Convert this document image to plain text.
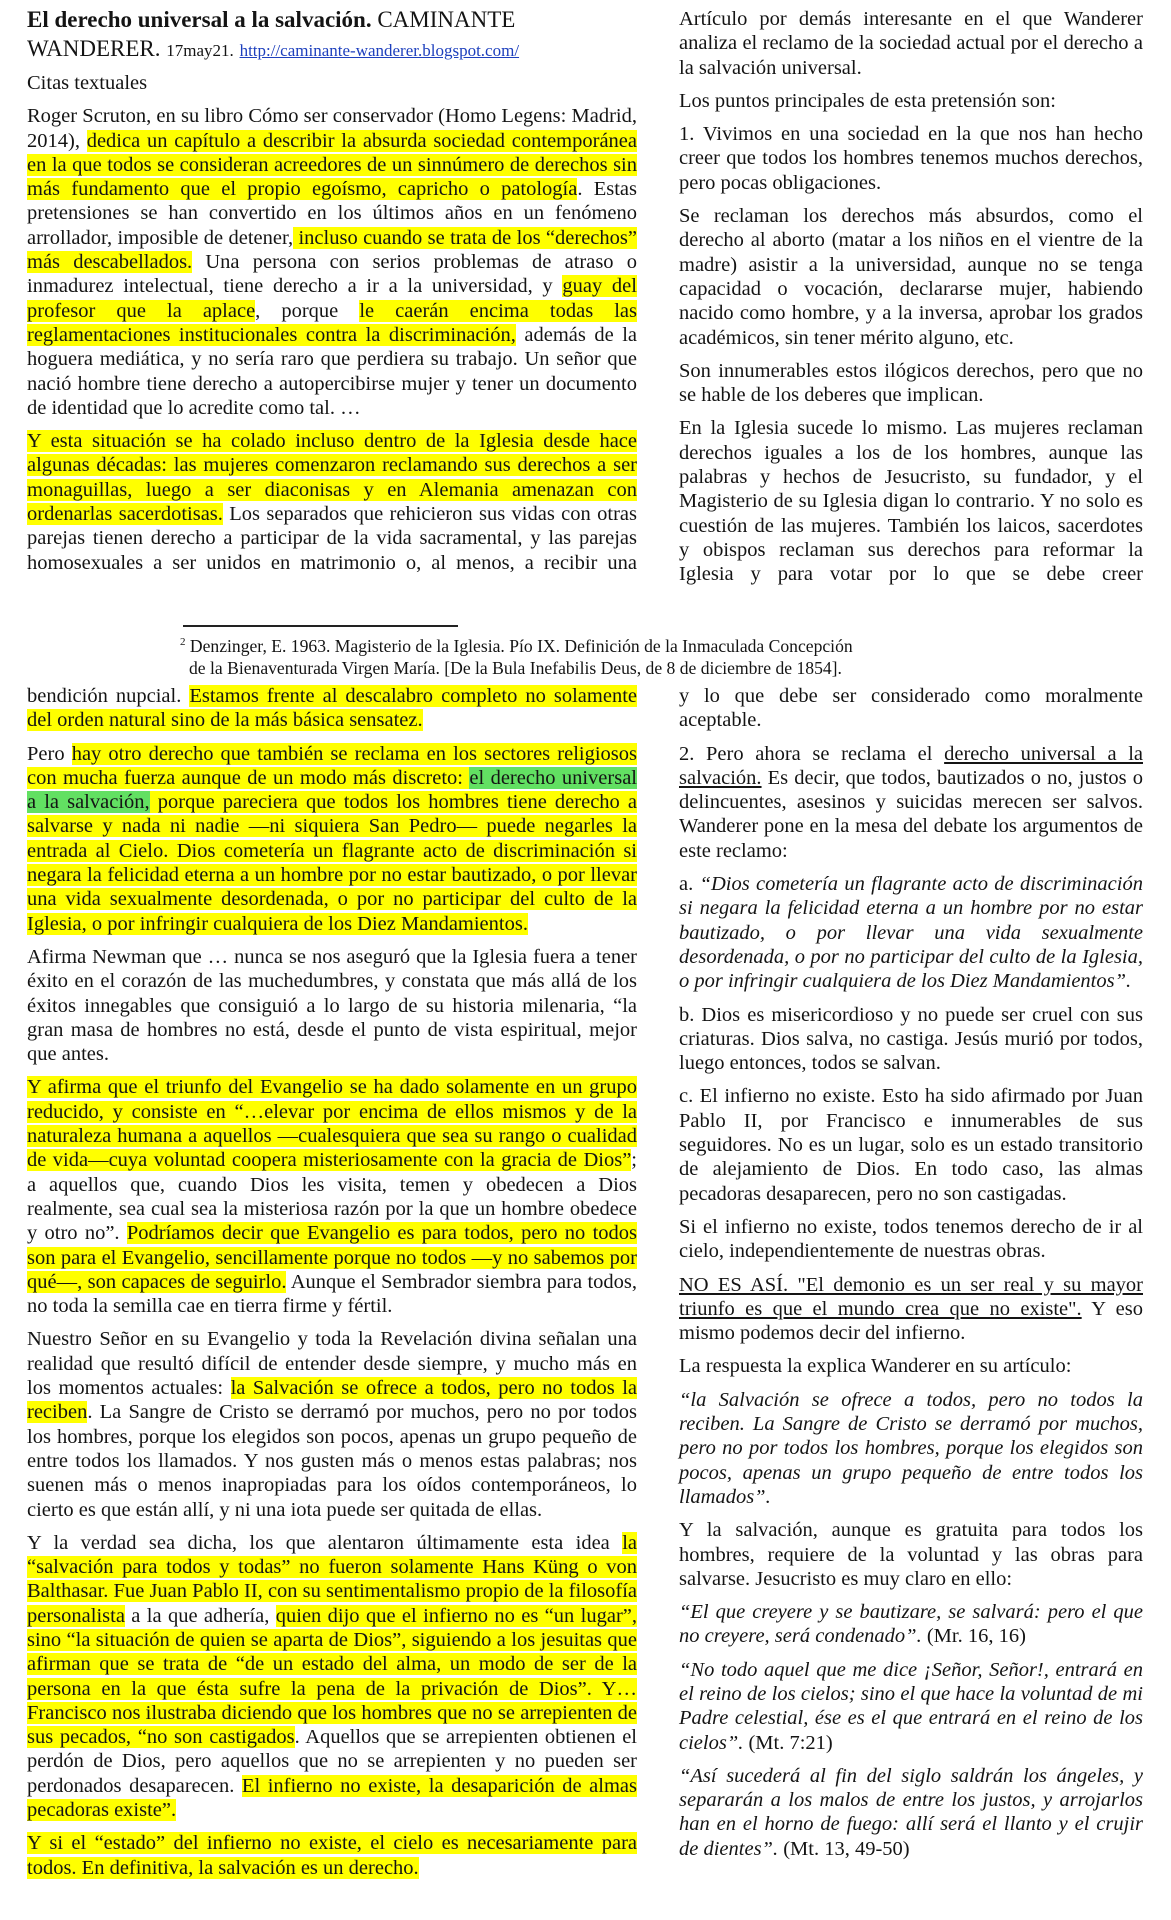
El derecho universal a la salvación. CAMINANTE WANDERER. 17may21. http://caminante-wanderer.blogspot.com/

Citas textuales

Roger Scruton, en su libro Cómo ser conservador (Homo Legens: Madrid, 2014), dedica un capítulo a describir la absurda sociedad contemporánea en la que todos se consideran acreedores de un sinnúmero de derechos sin más fundamento que el propio egoísmo, capricho o patología. Estas pretensiones se han convertido en los últimos años en un fenómeno arrollador, imposible de detener, incluso cuando se trata de los “derechos” más descabellados. Una persona con serios problemas de atraso o inmadurez intelectual, tiene derecho a ir a la universidad, y guay del profesor que la aplace, porque le caerán encima todas las reglamentaciones institucionales contra la discriminación, además de la hoguera mediática, y no sería raro que perdiera su trabajo. Un señor que nació hombre tiene derecho a autopercibirse mujer y tener un documento de identidad que lo acredite como tal. …

Y esta situación se ha colado incluso dentro de la Iglesia desde hace algunas décadas: las mujeres comenzaron reclamando sus derechos a ser monaguillas, luego a ser diaconisas y en Alemania amenazan con ordenarlas sacerdotisas. Los separados que rehicieron sus vidas con otras parejas tienen derecho a participar de la vida sacramental, y las parejas homosexuales a ser unidos en matrimonio o, al menos, a recibir una

Artículo por demás interesante en el que Wanderer analiza el reclamo de la sociedad actual por el derecho a la salvación universal.

Los puntos principales de esta pretensión son:

1. Vivimos en una sociedad en la que nos han hecho creer que todos los hombres tenemos muchos derechos, pero pocas obligaciones.

Se reclaman los derechos más absurdos, como el derecho al aborto (matar a los niños en el vientre de la madre) asistir a la universidad, aunque no se tenga capacidad o vocación, declararse mujer, habiendo nacido como hombre, y a la inversa, aprobar los grados académicos, sin tener mérito alguno, etc.

Son innumerables estos ilógicos derechos, pero que no se hable de los deberes que implican.

En la Iglesia sucede lo mismo. Las mujeres reclaman derechos iguales a los de los hombres, aunque las palabras y hechos de Jesucristo, su fundador, y el Magisterio de su Iglesia digan lo contrario. Y no solo es cuestión de las mujeres. También los laicos, sacerdotes y obispos reclaman sus derechos para reformar la Iglesia y para votar por lo que se debe creer

$^2$ Denzinger, E. 1963. Magisterio de la Iglesia. Pío IX. Definición de la Inmaculada Concepción
de la Bienaventurada Virgen María. [De la Bula Inefabilis Deus, de 8 de diciembre de 1854].

bendición nupcial. Estamos frente al descalabro completo no solamente del orden natural sino de la más básica sensatez.

Pero hay otro derecho que también se reclama en los sectores religiosos con mucha fuerza aunque de un modo más discreto: el derecho universal a la salvación, porque pareciera que todos los hombres tiene derecho a salvarse y nada ni nadie —ni siquiera San Pedro— puede negarles la entrada al Cielo. Dios cometería un flagrante acto de discriminación si negara la felicidad eterna a un hombre por no estar bautizado, o por llevar una vida sexualmente desordenada, o por no participar del culto de la Iglesia, o por infringir cualquiera de los Diez Mandamientos.

Afirma Newman que … nunca se nos aseguró que la Iglesia fuera a tener éxito en el corazón de las muchedumbres, y constata que más allá de los éxitos innegables que consiguió a lo largo de su historia milenaria, “la gran masa de hombres no está, desde el punto de vista espiritual, mejor que antes.

Y afirma que el triunfo del Evangelio se ha dado solamente en un grupo reducido, y consiste en “…elevar por encima de ellos mismos y de la naturaleza humana a aquellos —cualesquiera que sea su rango o cualidad de vida—cuya voluntad coopera misteriosamente con la gracia de Dios”; a aquellos que, cuando Dios les visita, temen y obedecen a Dios realmente, sea cual sea la misteriosa razón por la que un hombre obedece y otro no”. Podríamos decir que Evangelio es para todos, pero no todos son para el Evangelio, sencillamente porque no todos —y no sabemos por qué—, son capaces de seguirlo. Aunque el Sembrador siembra para todos, no toda la semilla cae en tierra firme y fértil.

Nuestro Señor en su Evangelio y toda la Revelación divina señalan una realidad que resultó difícil de entender desde siempre, y mucho más en los momentos actuales: la Salvación se ofrece a todos, pero no todos la reciben. La Sangre de Cristo se derramó por muchos, pero no por todos los hombres, porque los elegidos son pocos, apenas un grupo pequeño de entre todos los llamados. Y nos gusten más o menos estas palabras; nos suenen más o menos inapropiadas para los oídos contemporáneos, lo cierto es que están allí, y ni una iota puede ser quitada de ellas.

Y la verdad sea dicha, los que alentaron últimamente esta idea la “salvación para todos y todas” no fueron solamente Hans Küng o von Balthasar. Fue Juan Pablo II, con su sentimentalismo propio de la filosofía personalista a la que adhería, quien dijo que el infierno no es “un lugar”, sino “la situación de quien se aparta de Dios”, siguiendo a los jesuitas que afirman que se trata de “de un estado del alma, un modo de ser de la persona en la que ésta sufre la pena de la privación de Dios”. Y… Francisco nos ilustraba diciendo que los hombres que no se arrepienten de sus pecados, “no son castigados. Aquellos que se arrepienten obtienen el perdón de Dios, pero aquellos que no se arrepienten y no pueden ser perdonados desaparecen. El infierno no existe, la desaparición de almas pecadoras existe”.

Y si el “estado” del infierno no existe, el cielo es necesariamente para todos. En definitiva, la salvación es un derecho.

y lo que debe ser considerado como moralmente aceptable.

2. Pero ahora se reclama el derecho universal a la salvación. Es decir, que todos, bautizados o no, justos o delincuentes, asesinos y suicidas merecen ser salvos. Wanderer pone en la mesa del debate los argumentos de este reclamo:

a. “Dios cometería un flagrante acto de discriminación si negara la felicidad eterna a un hombre por no estar bautizado, o por llevar una vida sexualmente desordenada, o por no participar del culto de la Iglesia, o por infringir cualquiera de los Diez Mandamientos”.

b. Dios es misericordioso y no puede ser cruel con sus criaturas. Dios salva, no castiga. Jesús murió por todos, luego entonces, todos se salvan.

c. El infierno no existe. Esto ha sido afirmado por Juan Pablo II, por Francisco e innumerables de sus seguidores. No es un lugar, solo es un estado transitorio de alejamiento de Dios. En todo caso, las almas pecadoras desaparecen, pero no son castigadas.

Si el infierno no existe, todos tenemos derecho de ir al cielo, independientemente de nuestras obras.

NO ES ASÍ. "El demonio es un ser real y su mayor triunfo es que el mundo crea que no existe". Y eso mismo podemos decir del infierno.

La respuesta la explica Wanderer en su artículo:

“la Salvación se ofrece a todos, pero no todos la reciben. La Sangre de Cristo se derramó por muchos, pero no por todos los hombres, porque los elegidos son pocos, apenas un grupo pequeño de entre todos los llamados”.

Y la salvación, aunque es gratuita para todos los hombres, requiere de la voluntad y las obras para salvarse. Jesucristo es muy claro en ello:

“El que creyere y se bautizare, se salvará: pero el que no creyere, será condenado”. (Mr. 16, 16)

“No todo aquel que me dice ¡Señor, Señor!, entrará en el reino de los cielos; sino el que hace la voluntad de mi Padre celestial, ése es el que entrará en el reino de los cielos”. (Mt. 7:21)

“Así sucederá al fin del siglo saldrán los ángeles, y separarán a los malos de entre los justos, y arrojarlos han en el horno de fuego: allí será el llanto y el crujir de dientes”. (Mt. 13, 49-50)
